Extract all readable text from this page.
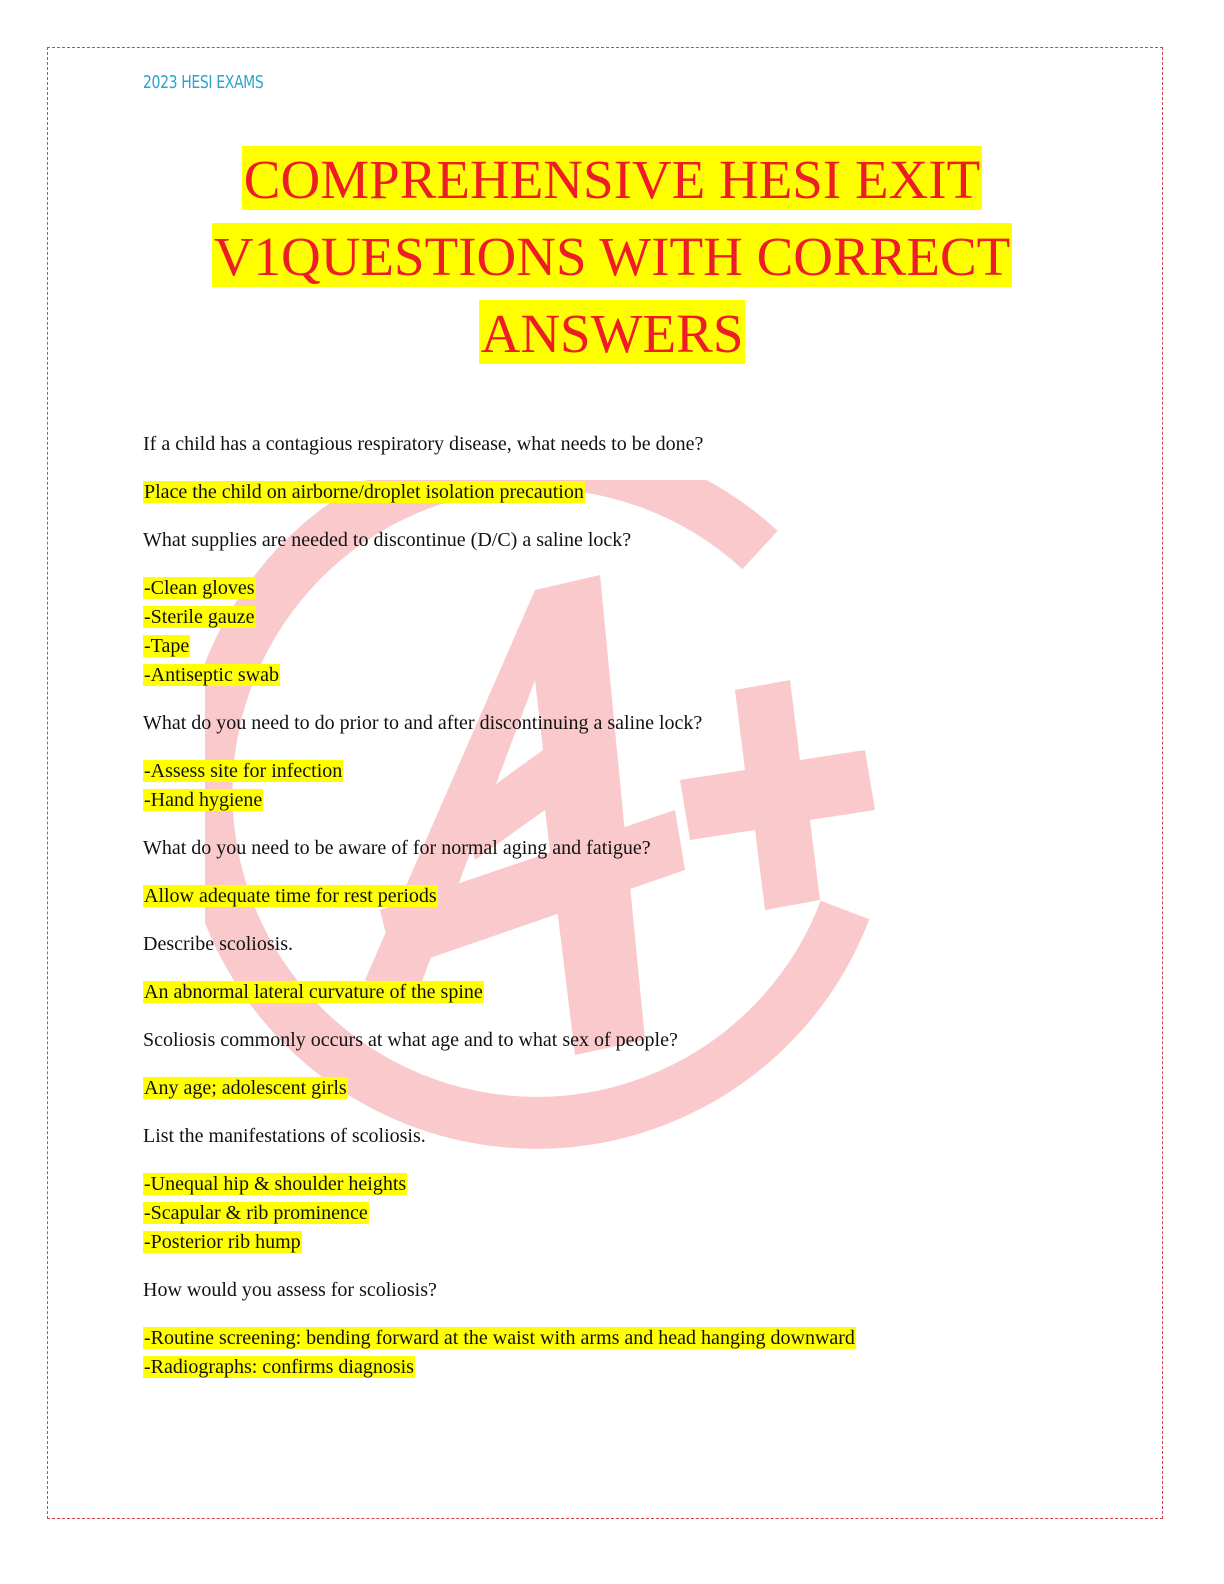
2023 HESI EXAMS
COMPREHENSIVE HESI EXIT
V1QUESTIONS WITH CORRECT
ANSWERS
If a child has a contagious respiratory disease, what needs to be done?
Place the child on airborne/droplet isolation precaution
What supplies are needed to discontinue (D/C) a saline lock?
-Clean gloves
-Sterile gauze
-Tape
-Antiseptic swab
What do you need to do prior to and after discontinuing a saline lock?
-Assess site for infection
-Hand hygiene
What do you need to be aware of for normal aging and fatigue?
Allow adequate time for rest periods
Describe scoliosis.
An abnormal lateral curvature of the spine
Scoliosis commonly occurs at what age and to what sex of people?
Any age; adolescent girls
List the manifestations of scoliosis.
-Unequal hip & shoulder heights
-Scapular & rib prominence
-Posterior rib hump
How would you assess for scoliosis?
-Routine screening: bending forward at the waist with arms and head hanging downward
-Radiographs: confirms diagnosis
